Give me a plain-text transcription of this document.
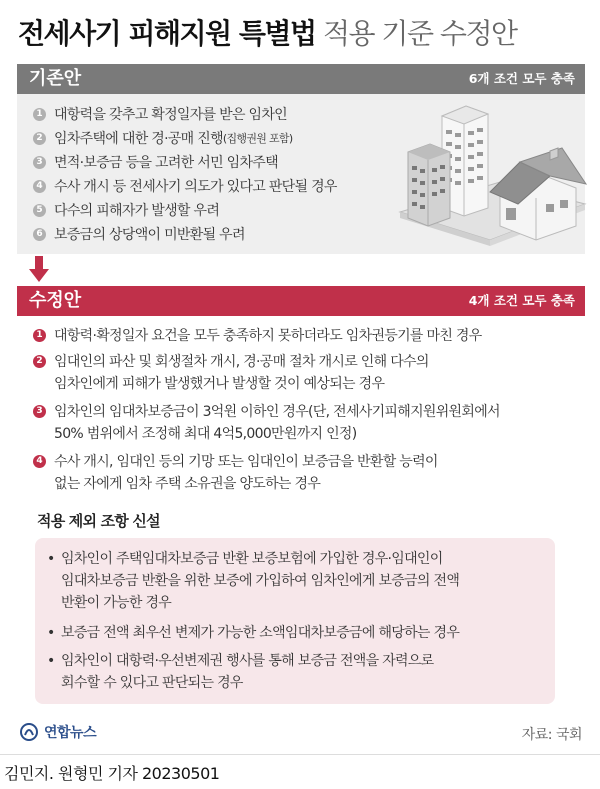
전세사기 피해지원 특별법 적용 기준 수정안
기존안	6개 조건 모두 충족
1 대항력을 갖추고 확정일자를 받은 임차인
2 임차주택에 대한 경·공매 진행 (집행권원 포함)
3 면적·보증금 등을 고려한 서민 임차주택
4 수사 개시 등 전세사기 의도가 있다고 판단될 경우
5 다수의 피해자가 발생할 우려
6 보증금의 상당액이 미반환될 우려
수정안	4개 조건 모두 충족
1 대항력·확정일자 요건을 모두 충족하지 못하더라도 임차권등기를 마친 경우
2 임대인의 파산 및 회생절차 개시, 경·공매 절차 개시로 인해 다수의
임차인에게 피해가 발생했거나 발생할 것이 예상되는 경우
3 임차인의 임대차보증금이 3억원 이하인 경우(단, 전세사기피해지원위원회에서
50% 범위에서 조정해 최대 4억5,000만원까지 인정)
4 수사 개시, 임대인 등의 기망 또는 임대인이 보증금을 반환할 능력이
없는 자에게 임차 주택 소유권을 양도하는 경우
적용 제외 조항 신설
• 임차인이 주택임대차보증금 반환 보증보험에 가입한 경우·임대인이
임대차보증금 반환을 위한 보증에 가입하여 임차인에게 보증금의 전액
반환이 가능한 경우
• 보증금 전액 최우선 변제가 가능한 소액임대차보증금에 해당하는 경우
• 임차인이 대항력·우선변제권 행사를 통해 보증금 전액을 자력으로
회수할 수 있다고 판단되는 경우
연합뉴스	자료: 국회
김민지. 원형민 기자 20230501
